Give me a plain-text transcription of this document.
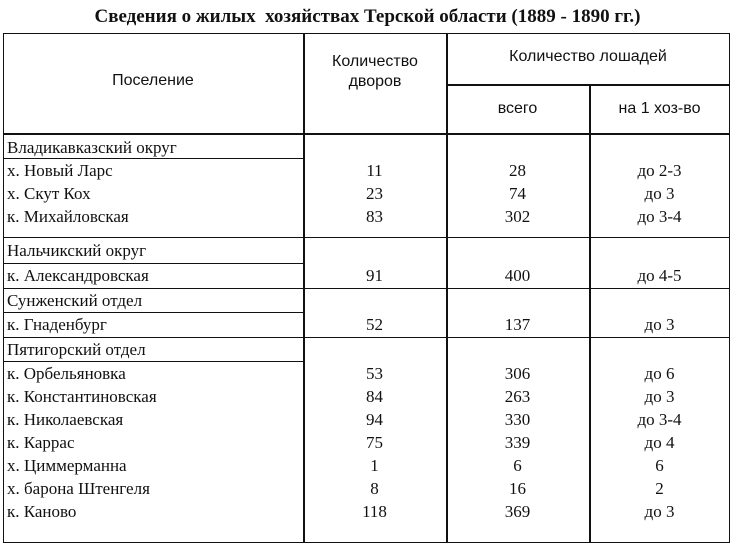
Сведения о жилых  хозяйствах Терской области (1889 - 1890 гг.)
Поселение
Количество дворов
Количество лошадей
всего	на 1 хоз-во
Владикавказский округ
х. Новый Ларс	11	28	до 2-3
х. Скут Кох	23	74	до 3
к. Михайловская	83	302	до 3-4
Нальчикский округ
к. Александровская	91	400	до 4-5
Сунженский отдел
к. Гнаденбург	52	137	до 3
Пятигорский отдел
к. Орбельяновка	53	306	до 6
к. Константиновская	84	263	до 3
к. Николаевская	94	330	до 3-4
к. Каррас	75	339	до 4
х. Циммерманна	1	6	6
х. барона Штенгеля	8	16	2
к. Каново	118	369	до 3
